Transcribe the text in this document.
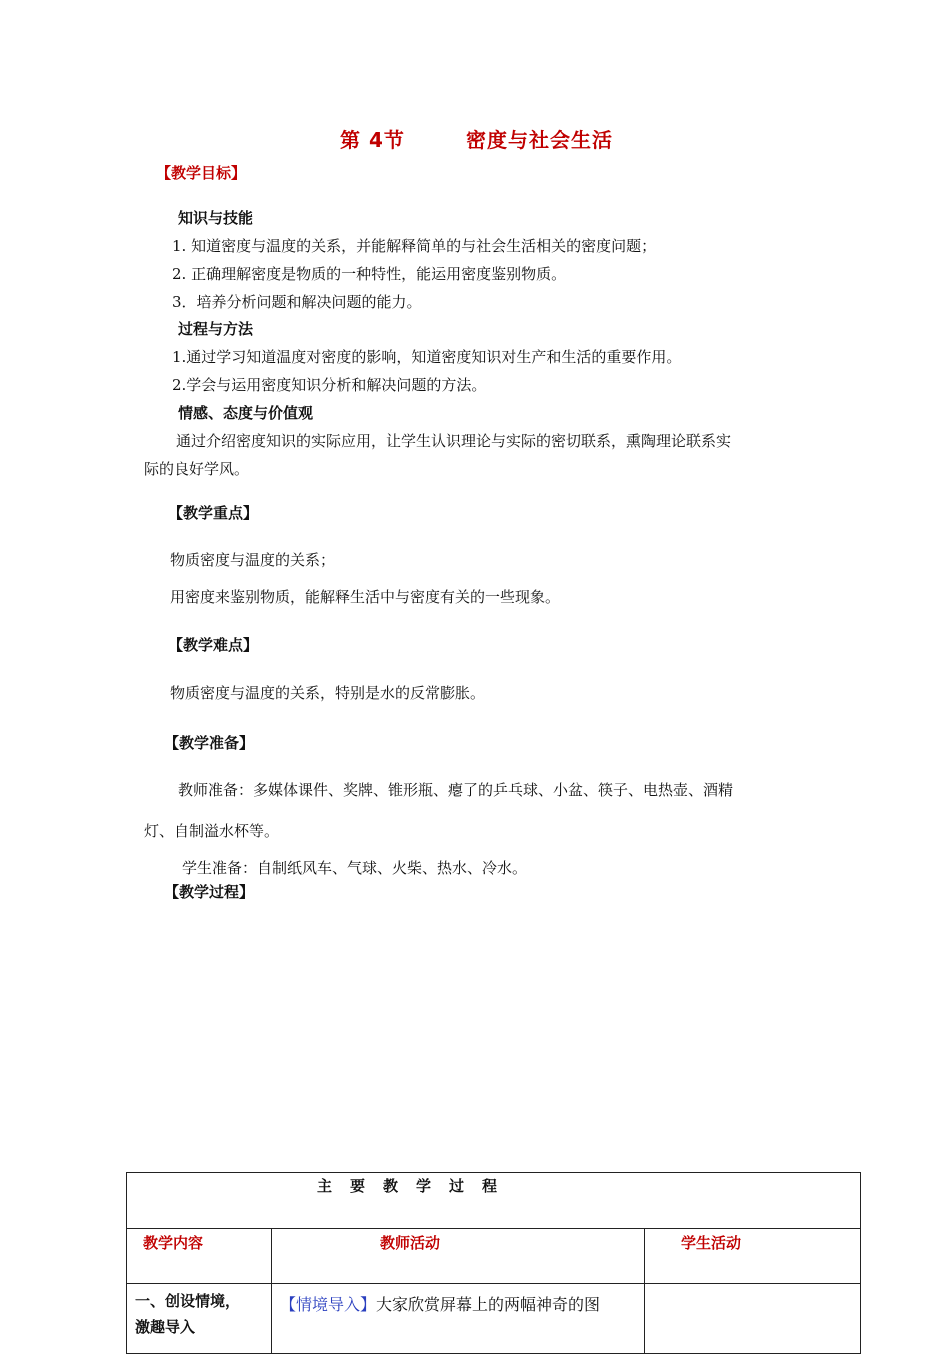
第 4节	密度与社会生活
【教学目标】
知识与技能
1. 知道密度与温度的关系，并能解释简单的与社会生活相关的密度问题；
2. 正确理解密度是物质的一种特性，能运用密度鉴别物质。
3．培养分析问题和解决问题的能力。
过程与方法
1.通过学习知道温度对密度的影响，知道密度知识对生产和生活的重要作用。
2.学会与运用密度知识分析和解决问题的方法。
情感、态度与价值观
通过介绍密度知识的实际应用，让学生认识理论与实际的密切联系，熏陶理论联系实
际的良好学风。
【教学重点】
物质密度与温度的关系；
用密度来鉴别物质，能解释生活中与密度有关的一些现象。
【教学难点】
物质密度与温度的关系，特别是水的反常膨胀。
【教学准备】
教师准备：多媒体课件、奖牌、锥形瓶、瘪了的乒乓球、小盆、筷子、电热壶、酒精
灯、自制溢水杯等。
学生准备：自制纸风车、气球、火柴、热水、冷水。
【教学过程】
主要教学过程		

教学内容	教师活动	学生活动

一、创设情境，
激趣导入	【情境导入】大家欣赏屏幕上的两幅神奇的图	
